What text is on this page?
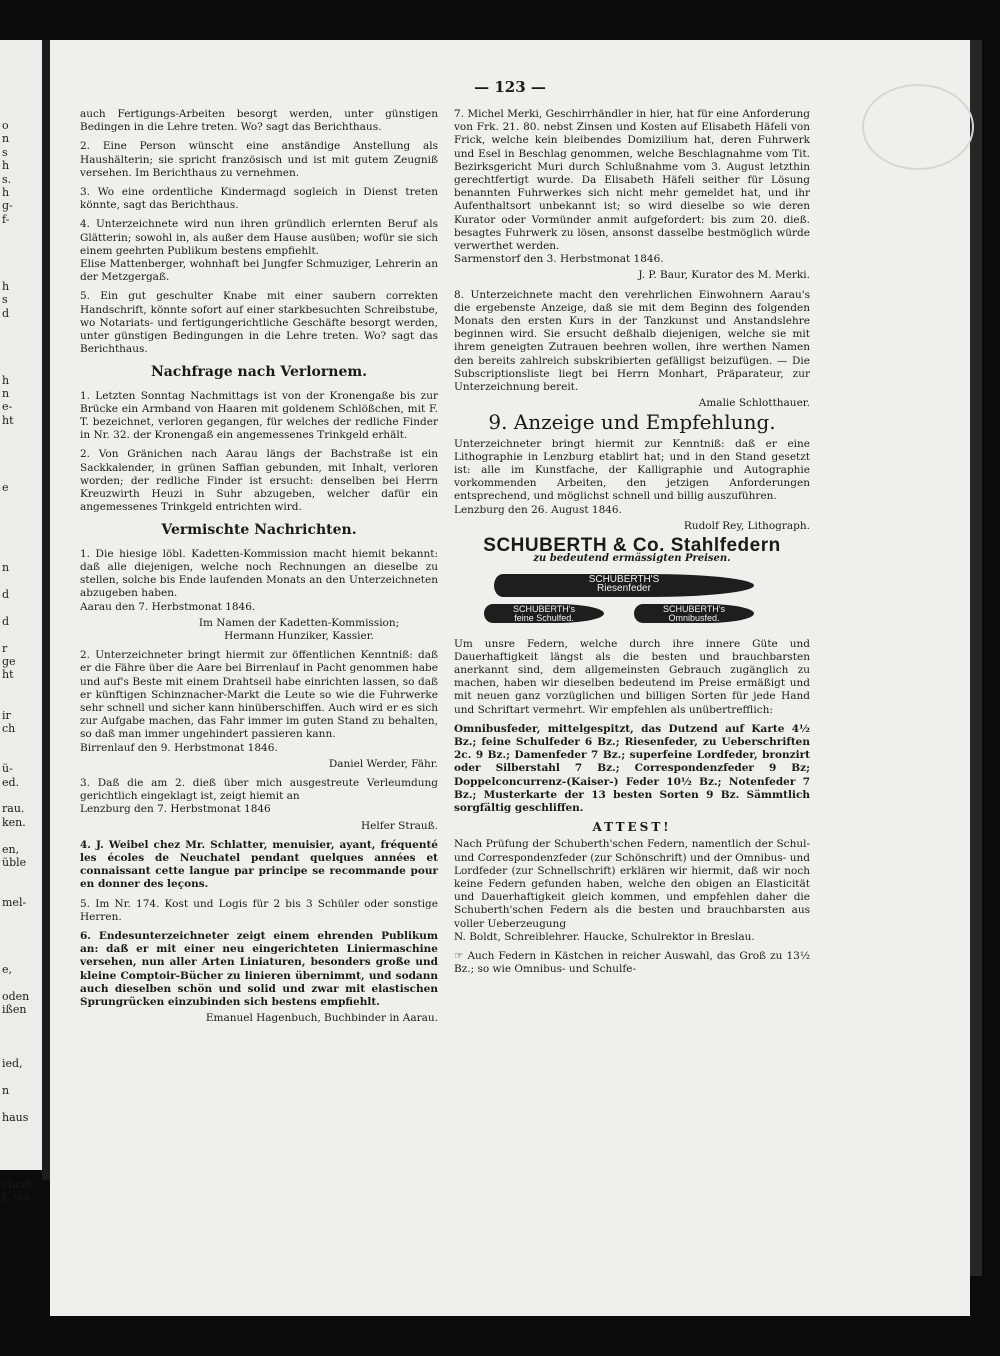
o
n
s
h
s.
h
g-
f-
h
s
d
h
n
e-
ht
e
n
d
d
r
ge
ht
ir
ch
ü-
ed.
rau.
ken.
en,
üble
mel-
e,
oden
ißen
ied,
n
haus
chrift
t, wo
— 123 —

auch Fertigungs-Arbeiten besorgt werden, unter günstigen Bedingen in die Lehre treten. Wo? sagt das Berichthaus.

2. Eine Person wünscht eine anständige Anstellung als Haushälterin; sie spricht französisch und ist mit gutem Zeugniß versehen. Im Berichthaus zu vernehmen.

3. Wo eine ordentliche Kindermagd sogleich in Dienst treten könnte, sagt das Berichthaus.

4. Unterzeichnete wird nun ihren gründlich erlernten Beruf als Glätterin; sowohl in, als außer dem Hause ausüben; wofür sie sich einem geehrten Publikum bestens empfiehlt.
Elise Mattenberger, wohnhaft bei Jungfer Schmuziger, Lehrerin an der Metzgergaß.

5. Ein gut geschulter Knabe mit einer saubern correkten Handschrift, könnte sofort auf einer starkbesuchten Schreibstube, wo Notariats- und fertigungerichtliche Geschäfte besorgt werden, unter günstigen Bedingungen in die Lehre treten. Wo? sagt das Berichthaus.

Nachfrage nach Verlornem.

1. Letzten Sonntag Nachmittags ist von der Kronengaße bis zur Brücke ein Armband von Haaren mit goldenem Schlößchen, mit F. T. bezeichnet, verloren gegangen, für welches der redliche Finder in Nr. 32. der Kronengaß ein angemessenes Trinkgeld erhält.

2. Von Gränichen nach Aarau längs der Bachstraße ist ein Sackkalender, in grünen Saffian gebunden, mit Inhalt, verloren worden; der redliche Finder ist ersucht: denselben bei Herrn Kreuzwirth Heuzi in Suhr abzugeben, welcher dafür ein angemessenes Trinkgeld entrichten wird.

Vermischte Nachrichten.

1. Die hiesige löbl. Kadetten-Kommission macht hiemit bekannt: daß alle diejenigen, welche noch Rechnungen an dieselbe zu stellen, solche bis Ende laufenden Monats an den Unterzeichneten abzugeben haben.
Aarau den 7. Herbstmonat 1846.

Im Namen der Kadetten-Kommission;
Hermann Hunziker, Kassier.

2. Unterzeichneter bringt hiermit zur öffentlichen Kenntniß: daß er die Fähre über die Aare bei Birrenlauf in Pacht genommen habe und auf's Beste mit einem Drahtseil habe einrichten lassen, so daß er künftigen Schinznacher-Markt die Leute so wie die Fuhrwerke sehr schnell und sicher kann hinüberschiffen. Auch wird er es sich zur Aufgabe machen, das Fahr immer im guten Stand zu behalten, so daß man immer ungehindert passieren kann.
Birrenlauf den 9. Herbstmonat 1846.

Daniel Werder, Fähr.

3. Daß die am 2. dieß über mich ausgestreute Verleumdung gerichtlich eingeklagt ist, zeigt hiemit an
Lenzburg den 7. Herbstmonat 1846

Helfer Strauß.

4. J. Weibel chez Mr. Schlatter, menuisier, ayant, fréquenté les écoles de Neuchatel pendant quelques années et connaissant cette langue par principe se recommande pour en donner des leçons.

5. Im Nr. 174. Kost und Logis für 2 bis 3 Schüler oder sonstige Herren.

6. Endesunterzeichneter zeigt einem ehrenden Publikum an: daß er mit einer neu eingerichteten Liniermaschine versehen, nun aller Arten Liniaturen, besonders große und kleine Comptoir-Bücher zu linieren übernimmt, und sodann auch dieselben schön und solid und zwar mit elastischen Sprungrücken einzubinden sich bestens empfiehlt.

Emanuel Hagenbuch, Buchbinder in Aarau.

7. Michel Merki, Geschirrhändler in hier, hat für eine Anforderung von Frk. 21. 80. nebst Zinsen und Kosten auf Elisabeth Häfeli von Frick, welche kein bleibendes Domizilium hat, deren Fuhrwerk und Esel in Beschlag genommen, welche Beschlagnahme vom Tit. Bezirksgericht Muri durch Schlußnahme vom 3. August letzthin gerechtfertigt wurde. Da Elisabeth Häfeli seither für Lösung benannten Fuhrwerkes sich nicht mehr gemeldet hat, und ihr Aufenthaltsort unbekannt ist; so wird dieselbe so wie deren Kurator oder Vormünder anmit aufgefordert: bis zum 20. dieß. besagtes Fuhrwerk zu lösen, ansonst dasselbe bestmöglich würde verwerthet werden.
Sarmenstorf den 3. Herbstmonat 1846.

J. P. Baur, Kurator des M. Merki.

8. Unterzeichnete macht den verehrlichen Einwohnern Aarau's die ergebenste Anzeige, daß sie mit dem Beginn des folgenden Monats den ersten Kurs in der Tanzkunst und Anstandslehre beginnen wird. Sie ersucht deßhalb diejenigen, welche sie mit ihrem geneigten Zutrauen beehren wollen, ihre werthen Namen den bereits zahlreich subskribierten gefälligst beizufügen. — Die Subscriptionsliste liegt bei Herrn Monhart, Präparateur, zur Unterzeichnung bereit.

Amalie Schlotthauer.

9. Anzeige und Empfehlung.

Unterzeichneter bringt hiermit zur Kenntniß: daß er eine Lithographie in Lenzburg etablirt hat; und in den Stand gesetzt ist: alle im Kunstfache, der Kalligraphie und Autographie vorkommenden Arbeiten, den jetzigen Anforderungen entsprechend, und möglichst schnell und billig auszuführen.
Lenzburg den 26. August 1846.

Rudolf Rey, Lithograph.

SCHUBERTH & Co. Stahlfedern
zu bedeutend ermässigten Preisen.
SCHUBERTH'S
Riesenfeder
SCHUBERTH's
feine Schulfed.
SCHUBERTH's
Omnibusfed.

Um unsre Federn, welche durch ihre innere Güte und Dauerhaftigkeit längst als die besten und brauchbarsten anerkannt sind, dem allgemeinsten Gebrauch zugänglich zu machen, haben wir dieselben bedeutend im Preise ermäßigt und mit neuen ganz vorzüglichen und billigen Sorten für jede Hand und Schriftart vermehrt. Wir empfehlen als unübertrefflich:

Omnibusfeder, mittelgespitzt, das Dutzend auf Karte 4½ Bz.; feine Schulfeder 6 Bz.; Riesenfeder, zu Ueberschriften 2c. 9 Bz.; Damenfeder 7 Bz.; superfeine Lordfeder, bronzirt oder Silberstahl 7 Bz.; Correspondenzfeder 9 Bz; Doppelconcurrenz-(Kaiser-) Feder 10½ Bz.; Notenfeder 7 Bz.; Musterkarte der 13 besten Sorten 9 Bz. Sämmtlich sorgfältig geschliffen.

ATTEST!

Nach Prüfung der Schuberth'schen Federn, namentlich der Schul- und Correspondenzfeder (zur Schönschrift) und der Omnibus- und Lordfeder (zur Schnellschrift) erklären wir hiermit, daß wir noch keine Federn gefunden haben, welche den obigen an Elasticität und Dauerhaftigkeit gleich kommen, und empfehlen daher die Schuberth'schen Federn als die besten und brauchbarsten aus voller Ueberzeugung
N. Boldt, Schreiblehrer. Haucke, Schulrektor in Breslau.

☞ Auch Federn in Kästchen in reicher Auswahl, das Groß zu 13½ Bz.; so wie Omnibus- und Schulfe-
